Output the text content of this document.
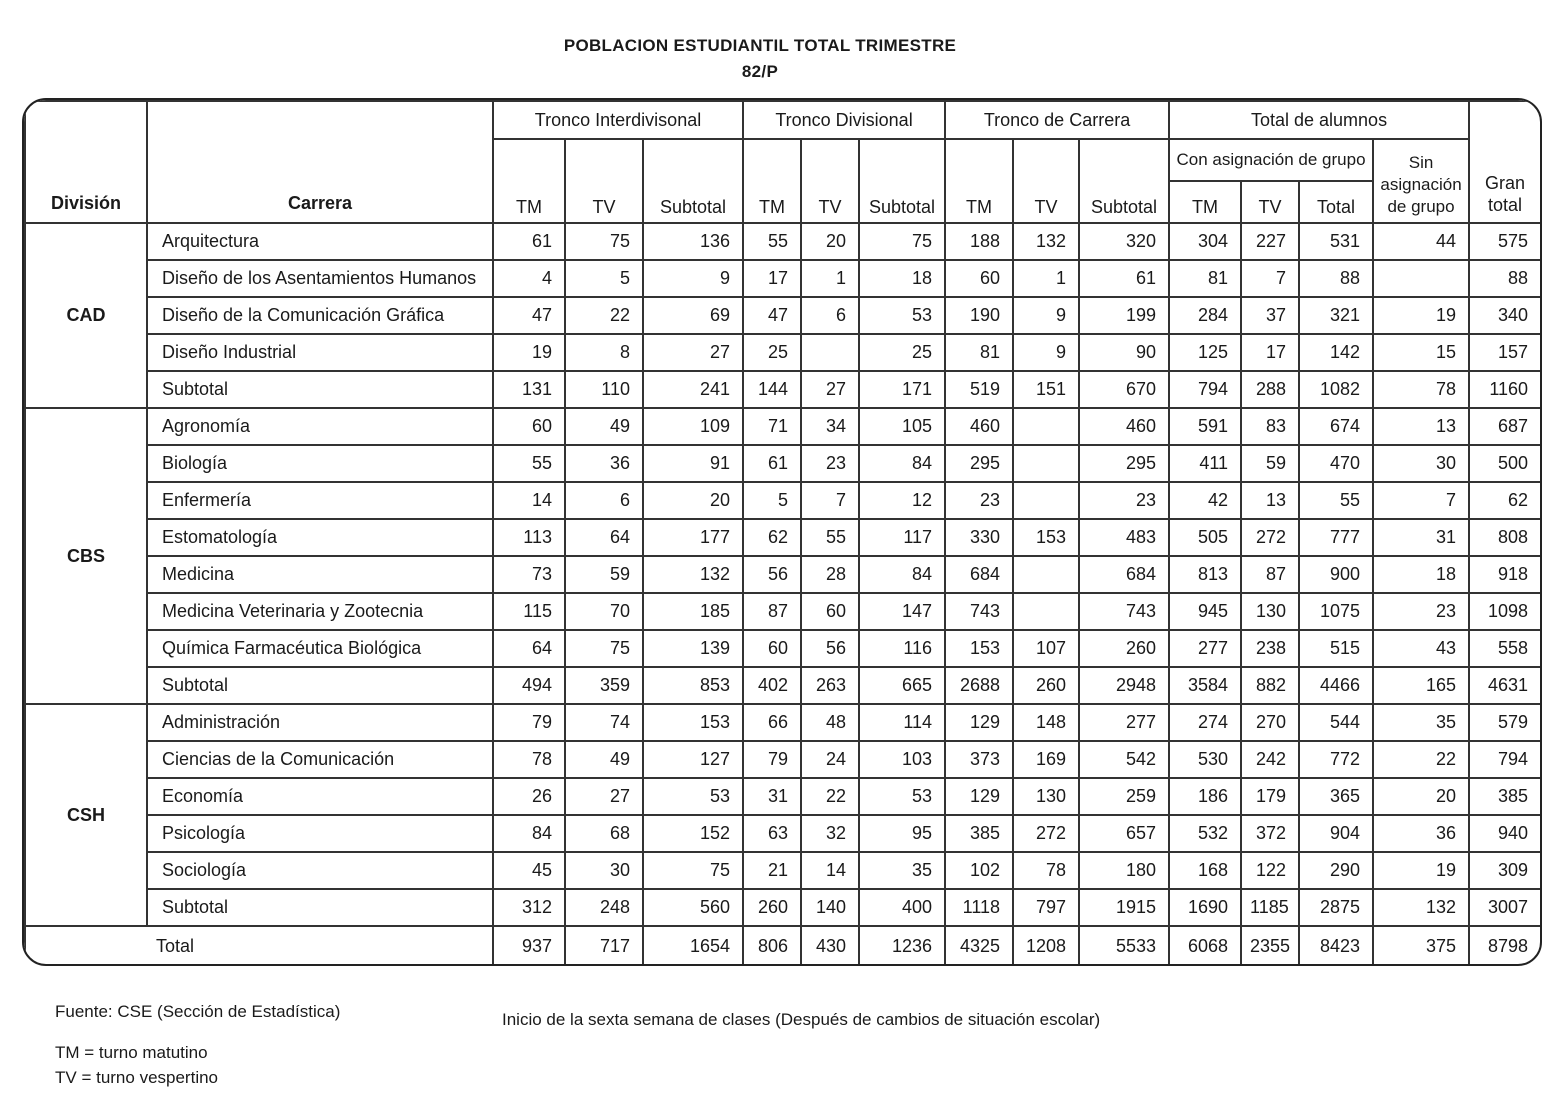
POBLACION ESTUDIANTIL TOTAL TRIMESTRE
82/P
División	Carrera	Tronco Interdivisonal			Tronco Divisional			Tronco de Carrera			Total de alumnos				Gran total
		TM	TV	Subtotal	TM	TV	Subtotal	TM	TV	Subtotal	Con asignación de grupo			Sin asignación de grupo	
											TM	TV	Total		
CAD	Arquitectura	61	75	136	55	20	75	188	132	320	304	227	531	44	575
	Diseño de los Asentamientos Humanos	4	5	9	17	1	18	60	1	61	81	7	88		88
	Diseño de la Comunicación Gráfica	47	22	69	47	6	53	190	9	199	284	37	321	19	340
	Diseño Industrial	19	8	27	25		25	81	9	90	125	17	142	15	157
	Subtotal	131	110	241	144	27	171	519	151	670	794	288	1082	78	1160
CBS	Agronomía	60	49	109	71	34	105	460		460	591	83	674	13	687
	Biología	55	36	91	61	23	84	295		295	411	59	470	30	500
	Enfermería	14	6	20	5	7	12	23		23	42	13	55	7	62
	Estomatología	113	64	177	62	55	117	330	153	483	505	272	777	31	808
	Medicina	73	59	132	56	28	84	684		684	813	87	900	18	918
	Medicina Veterinaria y Zootecnia	115	70	185	87	60	147	743		743	945	130	1075	23	1098
	Química Farmacéutica Biológica	64	75	139	60	56	116	153	107	260	277	238	515	43	558
	Subtotal	494	359	853	402	263	665	2688	260	2948	3584	882	4466	165	4631
CSH	Administración	79	74	153	66	48	114	129	148	277	274	270	544	35	579
	Ciencias de la Comunicación	78	49	127	79	24	103	373	169	542	530	242	772	22	794
	Economía	26	27	53	31	22	53	129	130	259	186	179	365	20	385
	Psicología	84	68	152	63	32	95	385	272	657	532	372	904	36	940
	Sociología	45	30	75	21	14	35	102	78	180	168	122	290	19	309
	Subtotal	312	248	560	260	140	400	1118	797	1915	1690	1185	2875	132	3007
Total		937	717	1654	806	430	1236	4325	1208	5533	6068	2355	8423	375	8798
Fuente: CSE (Sección de Estadística)	Inicio de la sexta semana de clases (Después de cambios de situación escolar)
TM = turno matutino
TV = turno vespertino
